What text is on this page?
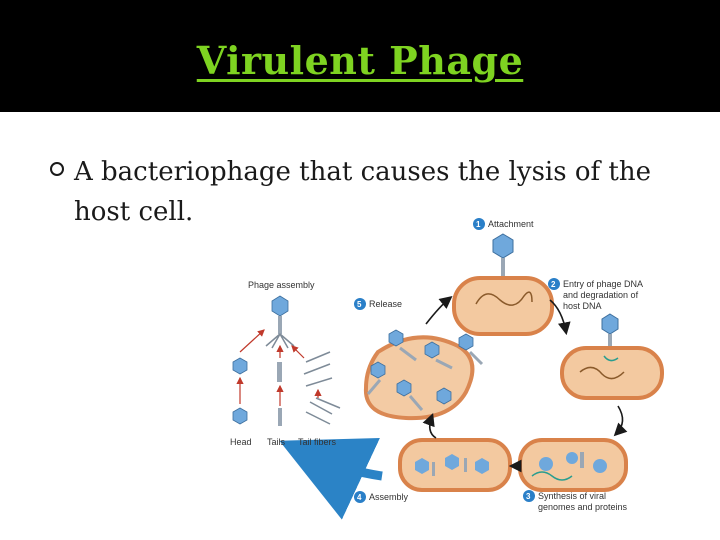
Virulent Phage
A bacteriophage that causes the lysis of the host cell.	1 Attachment
2 Entry of phage DNA
and degradation of
host DNA
3 Synthesis of viral
genomes and proteins
4 Assembly
5 Release
Phage assembly
Head Tails Tail fibers
